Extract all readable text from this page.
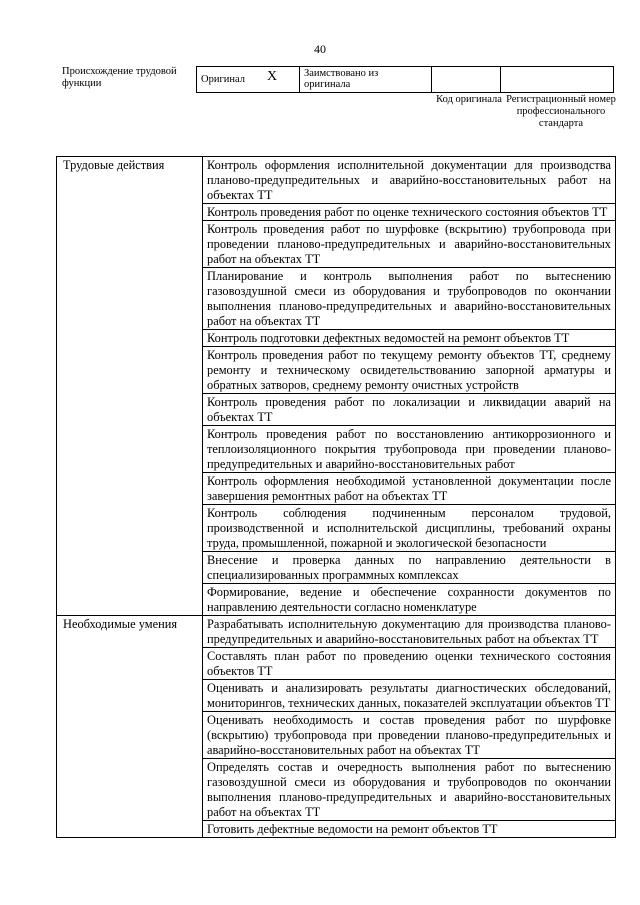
40
Происхождение трудовой функции	Оригинал X	Заимствовано из оригинала		
Код оригинала Регистрационный номер профессионального стандарта
Трудовые действия	Контроль оформления исполнительной документации для производства планово-предупредительных и аварийно-восстановительных работ на объектах ТТ
	Контроль проведения работ по оценке технического состояния объектов ТТ
	Контроль проведения работ по шурфовке (вскрытию) трубопровода при проведении планово-предупредительных и аварийно-восстановительных работ на объектах ТТ
	Планирование и контроль выполнения работ по вытеснению газовоздушной смеси из оборудования и трубопроводов по окончании выполнения планово-предупредительных и аварийно-восстановительных работ на объектах ТТ
	Контроль подготовки дефектных ведомостей на ремонт объектов ТТ
	Контроль проведения работ по текущему ремонту объектов ТТ, среднему ремонту и техническому освидетельствованию запорной арматуры и обратных затворов, среднему ремонту очистных устройств
	Контроль проведения работ по локализации и ликвидации аварий на объектах ТТ
	Контроль проведения работ по восстановлению антикоррозионного и теплоизоляционного покрытия трубопровода при проведении планово-предупредительных и аварийно-восстановительных работ
	Контроль оформления необходимой установленной документации после завершения ремонтных работ на объектах ТТ
	Контроль соблюдения подчиненным персоналом трудовой, производственной и исполнительской дисциплины, требований охраны труда, промышленной, пожарной и экологической безопасности
	Внесение и проверка данных по направлению деятельности в специализированных программных комплексах
	Формирование, ведение и обеспечение сохранности документов по направлению деятельности согласно номенклатуре
Необходимые умения	Разрабатывать исполнительную документацию для производства планово-предупредительных и аварийно-восстановительных работ на объектах ТТ
	Составлять план работ по проведению оценки технического состояния объектов ТТ
	Оценивать и анализировать результаты диагностических обследований, мониторингов, технических данных, показателей эксплуатации объектов ТТ
	Оценивать необходимость и состав проведения работ по шурфовке (вскрытию) трубопровода при проведении планово-предупредительных и аварийно-восстановительных работ на объектах ТТ
	Определять состав и очередность выполнения работ по вытеснению газовоздушной смеси из оборудования и трубопроводов по окончании выполнения планово-предупредительных и аварийно-восстановительных работ на объектах ТТ
	Готовить дефектные ведомости на ремонт объектов ТТ
